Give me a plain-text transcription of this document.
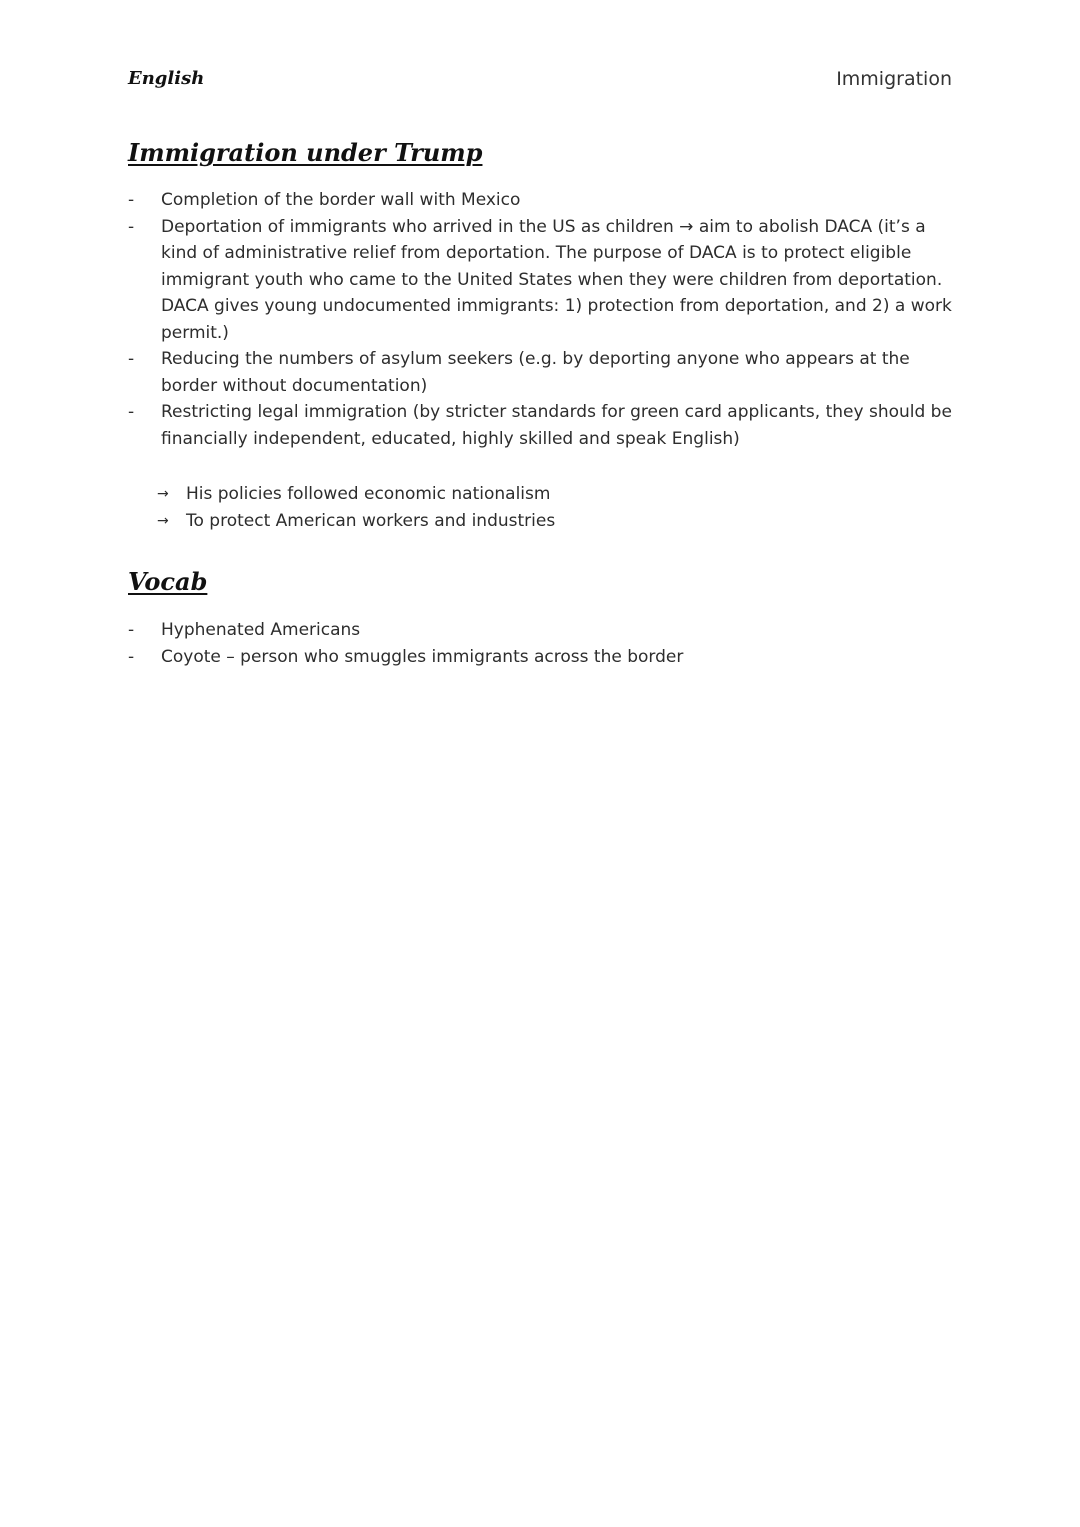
English	Immigration
Immigration under Trump
- Completion of the border wall with Mexico
- Deportation of immigrants who arrived in the US as children → aim to abolish DACA (it’s a kind of administrative relief from deportation. The purpose of DACA is to protect eligible immigrant youth who came to the United States when they were children from deportation. DACA gives young undocumented immigrants: 1) protection from deportation, and 2) a work permit.)
- Reducing the numbers of asylum seekers (e.g. by deporting anyone who appears at the border without documentation)
- Restricting legal immigration (by stricter standards for green card applicants, they should be financially independent, educated, highly skilled and speak English)
→ His policies followed economic nationalism
→ To protect American workers and industries
Vocab
- Hyphenated Americans
- Coyote – person who smuggles immigrants across the border
